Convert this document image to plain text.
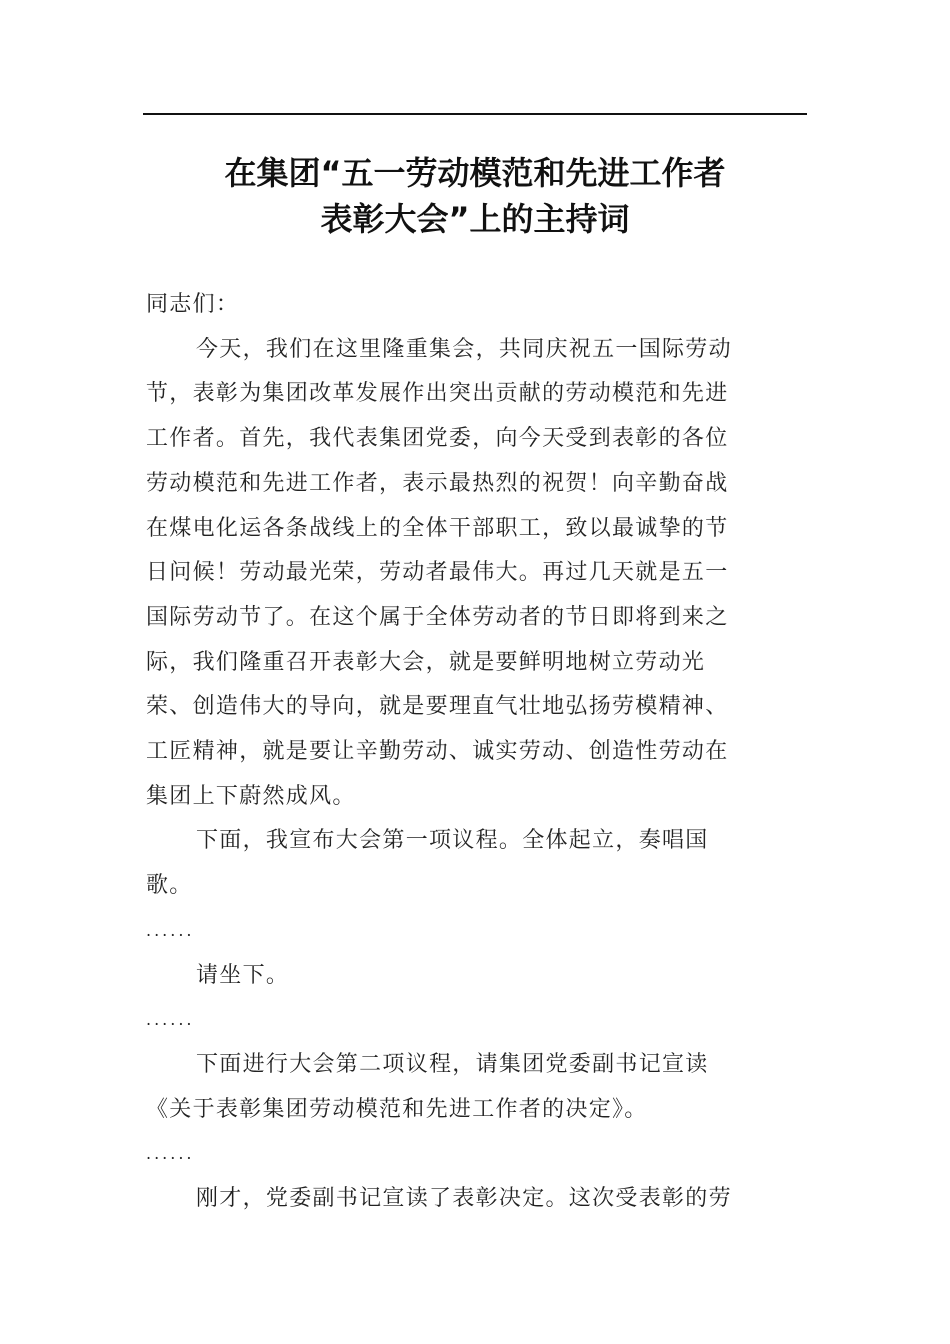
在集团“五一劳动模范和先进工作者
表彰大会”上的主持词

同志们：

今天，我们在这里隆重集会，共同庆祝五一国际劳动

节，表彰为集团改革发展作出突出贡献的劳动模范和先进

工作者。首先，我代表集团党委，向今天受到表彰的各位

劳动模范和先进工作者，表示最热烈的祝贺！向辛勤奋战

在煤电化运各条战线上的全体干部职工，致以最诚挚的节

日问候！劳动最光荣，劳动者最伟大。再过几天就是五一

国际劳动节了。在这个属于全体劳动者的节日即将到来之

际，我们隆重召开表彰大会，就是要鲜明地树立劳动光

荣、创造伟大的导向，就是要理直气壮地弘扬劳模精神、

工匠精神，就是要让辛勤劳动、诚实劳动、创造性劳动在

集团上下蔚然成风。

下面，我宣布大会第一项议程。全体起立，奏唱国

歌。

......

请坐下。

......

下面进行大会第二项议程，请集团党委副书记宣读

《关于表彰集团劳动模范和先进工作者的决定》。

......

刚才，党委副书记宣读了表彰决定。这次受表彰的劳
